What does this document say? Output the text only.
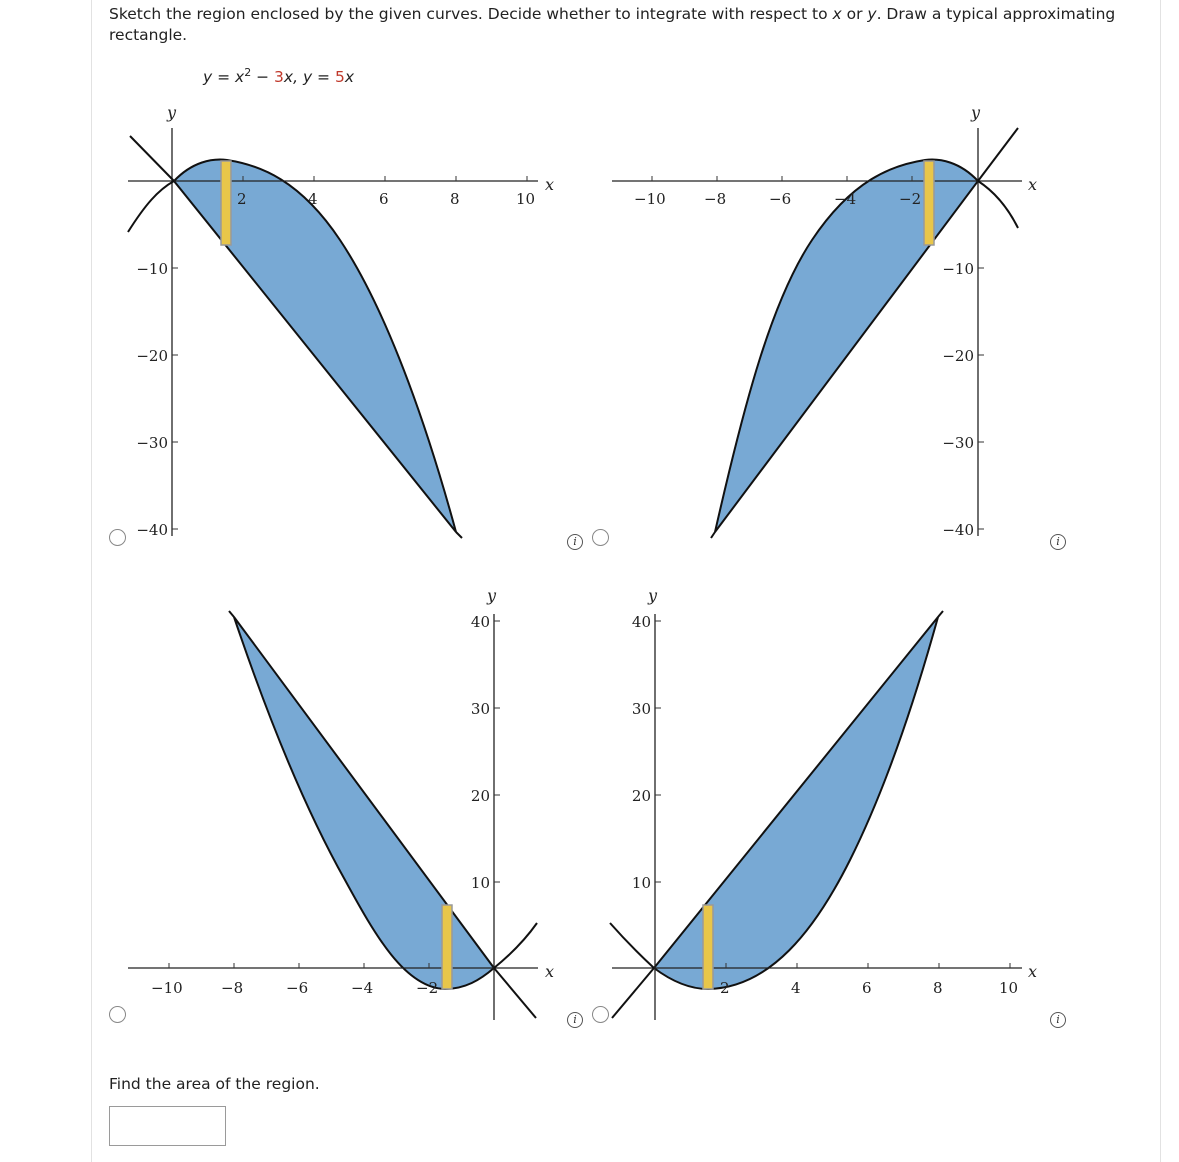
Sketch the region enclosed by the given curves. Decide whether to integrate with respect to x or y. Draw a typical approximating rectangle.
$y = x^2 - 3x$, y = 5x
y
x
2	4	6	8	10
−10
−20
−30
−40
y
x
−10	−8	−6	−4	−2
−10
−20
−30
−40
y
x
−10	−8	−6	−4	−2
40
30
20
10
y
x
2	4	6	8	10
40
30
20
10
i	i
i	i
Find the area of the region.
